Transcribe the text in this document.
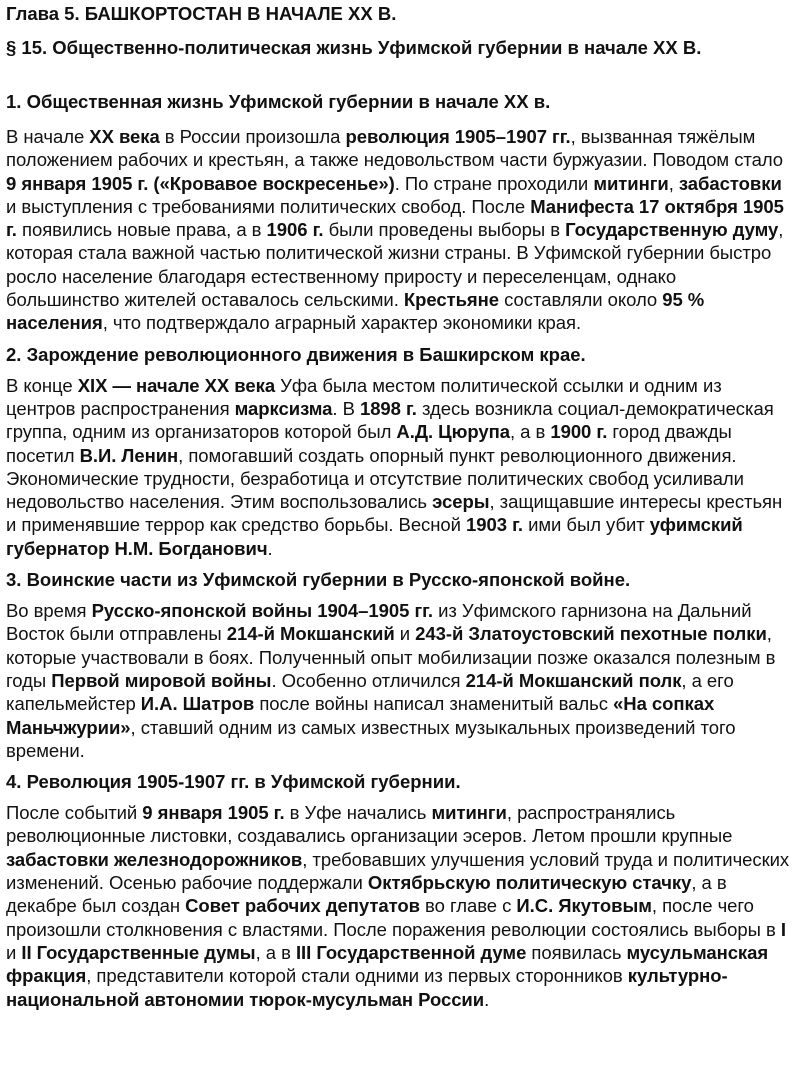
Глава 5. БАШКОРТОСТАН В НАЧАЛЕ XX В.
§ 15. Общественно-политическая жизнь Уфимской губернии в начале XX В.
1. Общественная жизнь Уфимской губернии в начале XX в.

В начале XX века в России произошла революция 1905–1907 гг., вызванная тяжёлым положением рабочих и крестьян, а также недовольством части буржуазии. Поводом стало 9 января 1905 г. («Кровавое воскресенье»). По стране проходили митинги, забастовки и выступления с требованиями политических свобод. После Манифеста 17 октября 1905 г. появились новые права, а в 1906 г. были проведены выборы в Государственную думу, которая стала важной частью политической жизни страны. В Уфимской губернии быстро росло население благодаря естественному приросту и переселенцам, однако большинство жителей оставалось сельскими. Крестьяне составляли около 95 % населения, что подтверждало аграрный характер экономики края.

2. Зарождение революционного движения в Башкирском крае.

В конце XIX — начале XX века Уфа была местом политической ссылки и одним из центров распространения марксизма. В 1898 г. здесь возникла социал-демократическая группа, одним из организаторов которой был А.Д. Цюрупа, а в 1900 г. город дважды посетил В.И. Ленин, помогавший создать опорный пункт революционного движения. Экономические трудности, безработица и отсутствие политических свобод усиливали недовольство населения. Этим воспользовались эсеры, защищавшие интересы крестьян и применявшие террор как средство борьбы. Весной 1903 г. ими был убит уфимский губернатор Н.М. Богданович.

3. Воинские части из Уфимской губернии в Русско-японской войне.

Во время Русско-японской войны 1904–1905 гг. из Уфимского гарнизона на Дальний Восток были отправлены 214-й Мокшанский и 243-й Златоустовский пехотные полки, которые участвовали в боях. Полученный опыт мобилизации позже оказался полезным в годы Первой мировой войны. Особенно отличился 214-й Мокшанский полк, а его капельмейстер И.А. Шатров после войны написал знаменитый вальс «На сопках Маньчжурии», ставший одним из самых известных музыкальных произведений того времени.

4. Революция 1905-1907 гг. в Уфимской губернии.

После событий 9 января 1905 г. в Уфе начались митинги, распространялись революционные листовки, создавались организации эсеров. Летом прошли крупные забастовки железнодорожников, требовавших улучшения условий труда и политических изменений. Осенью рабочие поддержали Октябрьскую политическую стачку, а в декабре был создан Совет рабочих депутатов во главе с И.С. Якутовым, после чего произошли столкновения с властями. После поражения революции состоялись выборы в I и II Государственные думы, а в III Государственной думе появилась мусульманская фракция, представители которой стали одними из первых сторонников культурно-национальной автономии тюрок-мусульман России.
